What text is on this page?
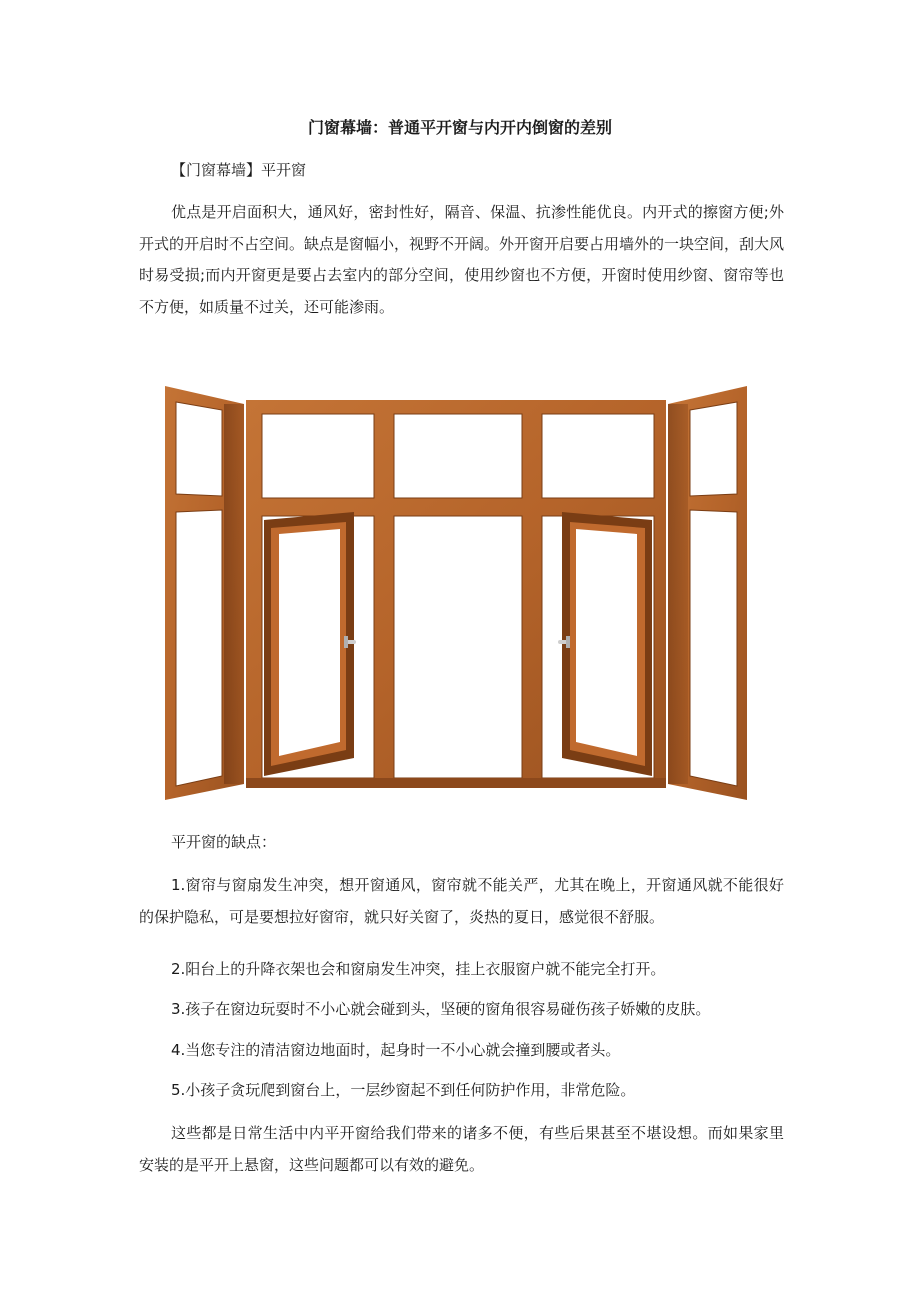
门窗幕墙：普通平开窗与内开内倒窗的差别
【门窗幕墙】平开窗

优点是开启面积大，通风好，密封性好，隔音、保温、抗渗性能优良。内开式的擦窗方便;外开式的开启时不占空间。缺点是窗幅小，视野不开阔。外开窗开启要占用墙外的一块空间，刮大风时易受损;而内开窗更是要占去室内的部分空间，使用纱窗也不方便，开窗时使用纱窗、窗帘等也不方便，如质量不过关，还可能渗雨。

平开窗的缺点：

1.窗帘与窗扇发生冲突，想开窗通风，窗帘就不能关严，尤其在晚上，开窗通风就不能很好的保护隐私，可是要想拉好窗帘，就只好关窗了，炎热的夏日，感觉很不舒服。

2.阳台上的升降衣架也会和窗扇发生冲突，挂上衣服窗户就不能完全打开。
3.孩子在窗边玩耍时不小心就会碰到头，坚硬的窗角很容易碰伤孩子娇嫩的皮肤。
4.当您专注的清洁窗边地面时，起身时一不小心就会撞到腰或者头。
5.小孩子贪玩爬到窗台上，一层纱窗起不到任何防护作用，非常危险。

这些都是日常生活中内平开窗给我们带来的诸多不便，有些后果甚至不堪设想。而如果家里安装的是平开上悬窗，这些问题都可以有效的避免。
